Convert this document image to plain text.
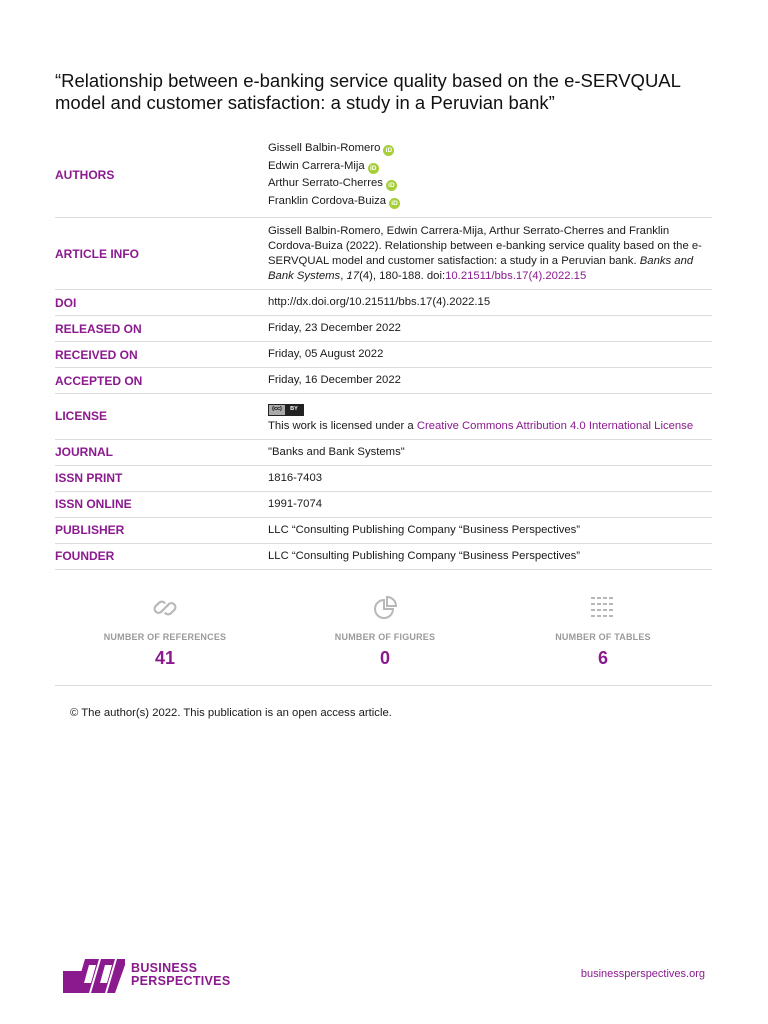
“Relationship between e-banking service quality based on the e-SERVQUAL model and customer satisfaction: a study in a Peruvian bank”
AUTHORS
Gissell Balbin-Romero iD
Edwin Carrera-Mija iD
Arthur Serrato-Cherres iD
Franklin Cordova-Buiza iD
ARTICLE INFO
Gissell Balbin-Romero, Edwin Carrera-Mija, Arthur Serrato-Cherres and Franklin Cordova-Buiza (2022). Relationship between e-banking service quality based on the e-SERVQUAL model and customer satisfaction: a study in a Peruvian bank. Banks and Bank Systems, 17(4), 180-188. doi:10.21511/bbs.17(4).2022.15
DOI	http://dx.doi.org/10.21511/bbs.17(4).2022.15
RELEASED ON	Friday, 23 December 2022
RECEIVED ON	Friday, 05 August 2022
ACCEPTED ON	Friday, 16 December 2022
LICENSE
(cc)	BY
This work is licensed under a Creative Commons Attribution 4.0 International License
JOURNAL	"Banks and Bank Systems"
ISSN PRINT	1816-7403
ISSN ONLINE	1991-7074
PUBLISHER	LLC “Consulting Publishing Company “Business Perspectives”
FOUNDER	LLC “Consulting Publishing Company “Business Perspectives”
NUMBER OF REFERENCES
41
NUMBER OF FIGURES
0
NUMBER OF TABLES
6
© The author(s) 2022. This publication is an open access article.
BUSINESS
PERSPECTIVES	businessperspectives.org
